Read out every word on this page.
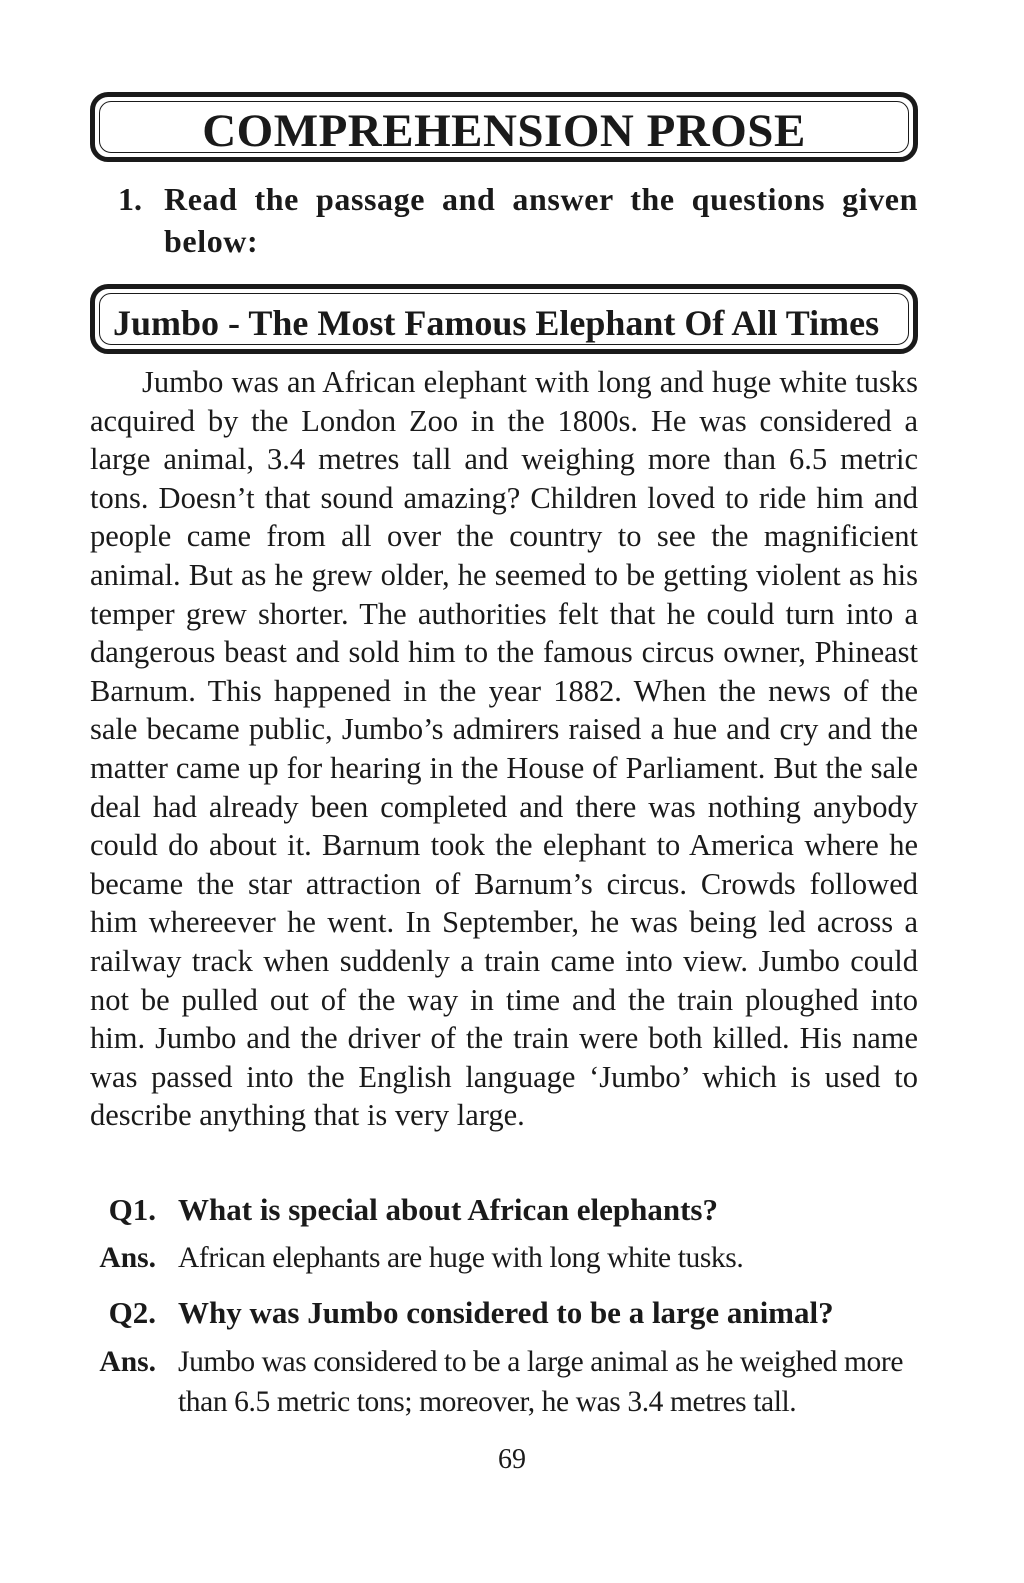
COMPREHENSION PROSE
1. Read the passage and answer the questions given below:
Jumbo - The Most Famous Elephant Of All Times

Jumbo was an African elephant with long and huge white tusks acquired by the London Zoo in the 1800s. He was considered a large animal, 3.4 metres tall and weighing more than 6.5 metric tons. Doesn’t that sound amazing? Children loved to ride him and people came from all over the country to see the magnificient animal. But as he grew older, he seemed to be getting violent as his temper grew shorter. The authorities felt that he could turn into a dangerous beast and sold him to the famous circus owner, Phineast Barnum. This happened in the year 1882. When the news of the sale became public, Jumbo’s admirers raised a hue and cry and the matter came up for hearing in the House of Parliament. But the sale deal had already been completed and there was nothing anybody could do about it. Barnum took the elephant to America where he became the star attraction of Barnum’s circus. Crowds followed him whereever he went. In September, he was being led across a railway track when suddenly a train came into view. Jumbo could not be pulled out of the way in time and the train ploughed into him. Jumbo and the driver of the train were both killed. His name was passed into the English language ‘Jumbo’ which is used to describe anything that is very large.

Q1. What is special about African elephants?
Ans. African elephants are huge with long white tusks.
Q2. Why was Jumbo considered to be a large animal?
Ans. Jumbo was considered to be a large animal as he weighed more than 6.5 metric tons; moreover, he was 3.4 metres tall.
69
